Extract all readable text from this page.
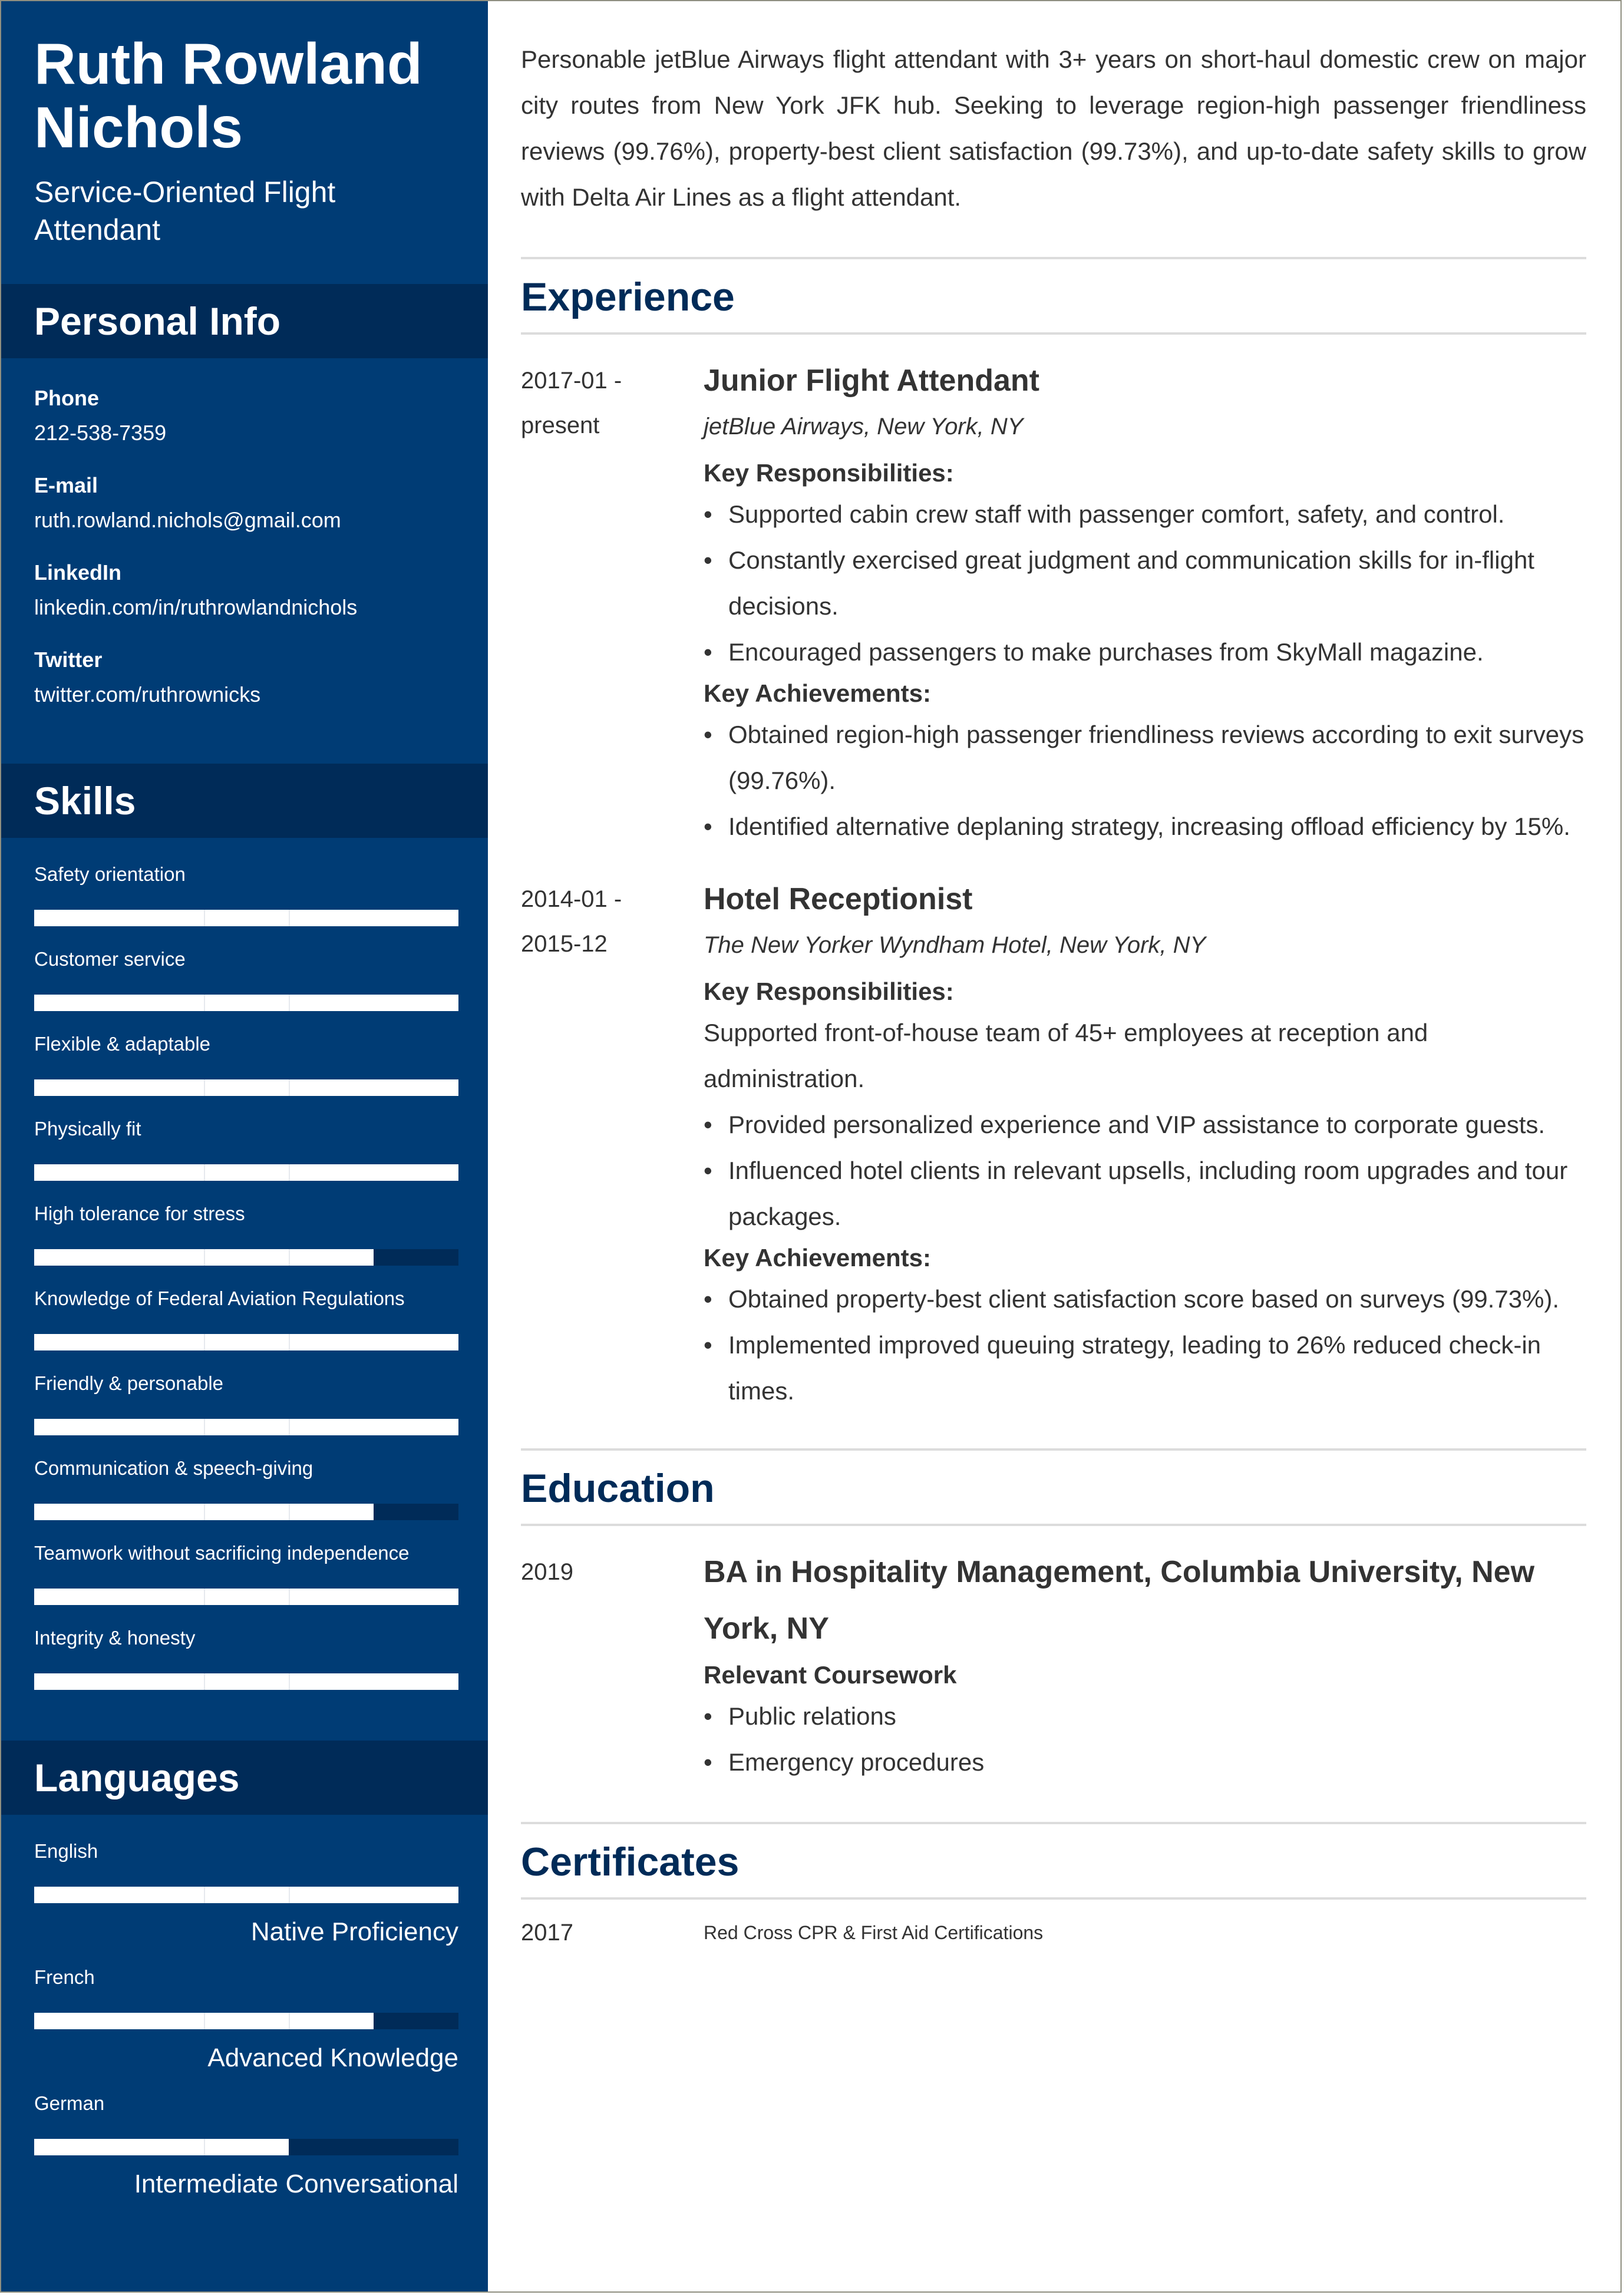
Ruth Rowland Nichols
Service-Oriented Flight Attendant
Personal Info
Phone
212-538-7359
E-mail
ruth.rowland.nichols@gmail.com
LinkedIn
linkedin.com/in/ruthrowlandnichols
Twitter
twitter.com/ruthrownicks
Skills
Safety orientation
Customer service
Flexible & adaptable
Physically fit
High tolerance for stress
Knowledge of Federal Aviation Regulations
Friendly & personable
Communication & speech-giving
Teamwork without sacrificing independence
Integrity & honesty
Languages
English
Native Proficiency
French
Advanced Knowledge
German
Intermediate Conversational

Personable jetBlue Airways flight attendant with 3+ years on short-haul domestic crew on major city routes from New York JFK hub. Seeking to leverage region-high passenger friendliness reviews (99.76%), property-best client satisfaction (99.73%), and up-to-date safety skills to grow with Delta Air Lines as a flight attendant.

Experience
2017-01 - present
Junior Flight Attendant
jetBlue Airways, New York, NY
Key Responsibilities:
• Supported cabin crew staff with passenger comfort, safety, and control.
• Constantly exercised great judgment and communication skills for in-flight decisions.
• Encouraged passengers to make purchases from SkyMall magazine.
Key Achievements:
• Obtained region-high passenger friendliness reviews according to exit surveys (99.76%).
• Identified alternative deplaning strategy, increasing offload efficiency by 15%.
2014-01 - 2015-12
Hotel Receptionist
The New Yorker Wyndham Hotel, New York, NY
Key Responsibilities:
Supported front-of-house team of 45+ employees at reception and administration.
• Provided personalized experience and VIP assistance to corporate guests.
• Influenced hotel clients in relevant upsells, including room upgrades and tour packages.
Key Achievements:
• Obtained property-best client satisfaction score based on surveys (99.73%).
• Implemented improved queuing strategy, leading to 26% reduced check-in times.
Education
2019	BA in Hospitality Management, Columbia University, New York, NY
Relevant Coursework
• Public relations
• Emergency procedures
Certificates
2017	Red Cross CPR & First Aid Certifications
